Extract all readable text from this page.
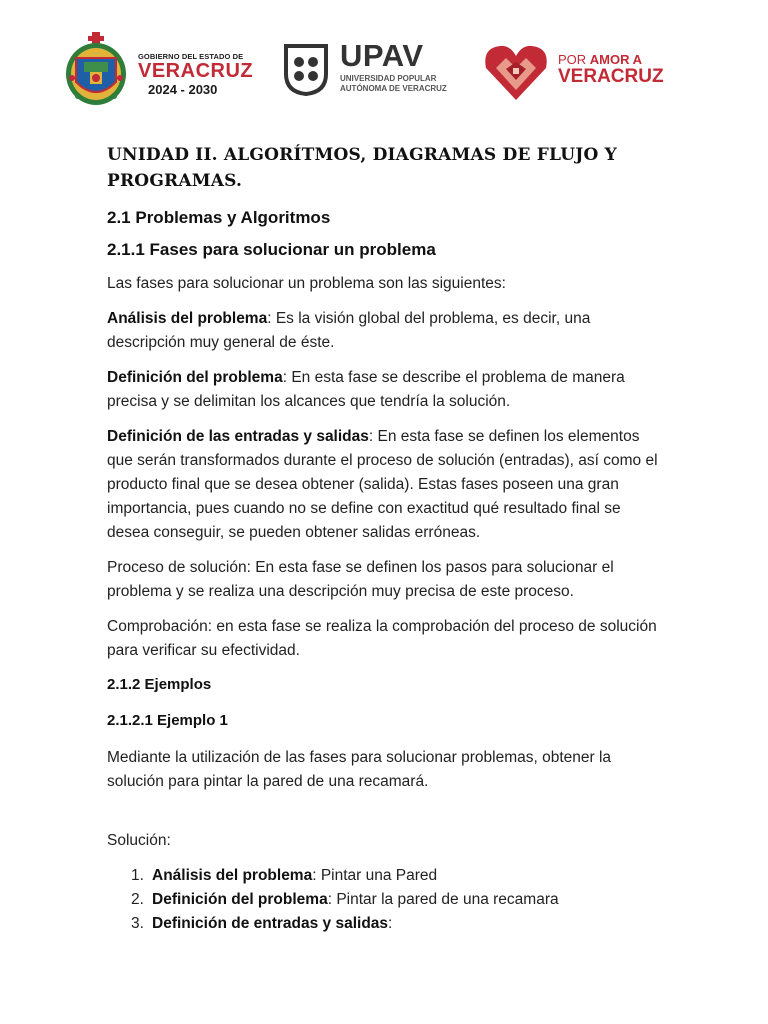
GOBIERNO DEL ESTADO DE
VERACRUZ
2024 - 2030
UPAV
UNIVERSIDAD POPULAR
AUTÓNOMA DE VERACRUZ
POR AMOR A
VERACRUZ
UNIDAD II. ALGORÍTMOS, DIAGRAMAS DE FLUJO Y PROGRAMAS.
2.1 Problemas y Algoritmos
2.1.1 Fases para solucionar un problema

Las fases para solucionar un problema son las siguientes:

Análisis del problema: Es la visión global del problema, es decir, una descripción muy general de éste.

Definición del problema: En esta fase se describe el problema de manera precisa y se delimitan los alcances que tendría la solución.

Definición de las entradas y salidas: En esta fase se definen los elementos que serán transformados durante el proceso de solución (entradas), así como el producto final que se desea obtener (salida). Estas fases poseen una gran importancia, pues cuando no se define con exactitud qué resultado final se desea conseguir, se pueden obtener salidas erróneas.

Proceso de solución: En esta fase se definen los pasos para solucionar el problema y se realiza una descripción muy precisa de este proceso.

Comprobación: en esta fase se realiza la comprobación del proceso de solución para verificar su efectividad.

2.1.2 Ejemplos

2.1.2.1 Ejemplo 1

Mediante la utilización de las fases para solucionar problemas, obtener la solución para pintar la pared de una recamará.

Solución:

1. Análisis del problema: Pintar una Pared
2. Definición del problema: Pintar la pared de una recamara
3. Definición de entradas y salidas:
